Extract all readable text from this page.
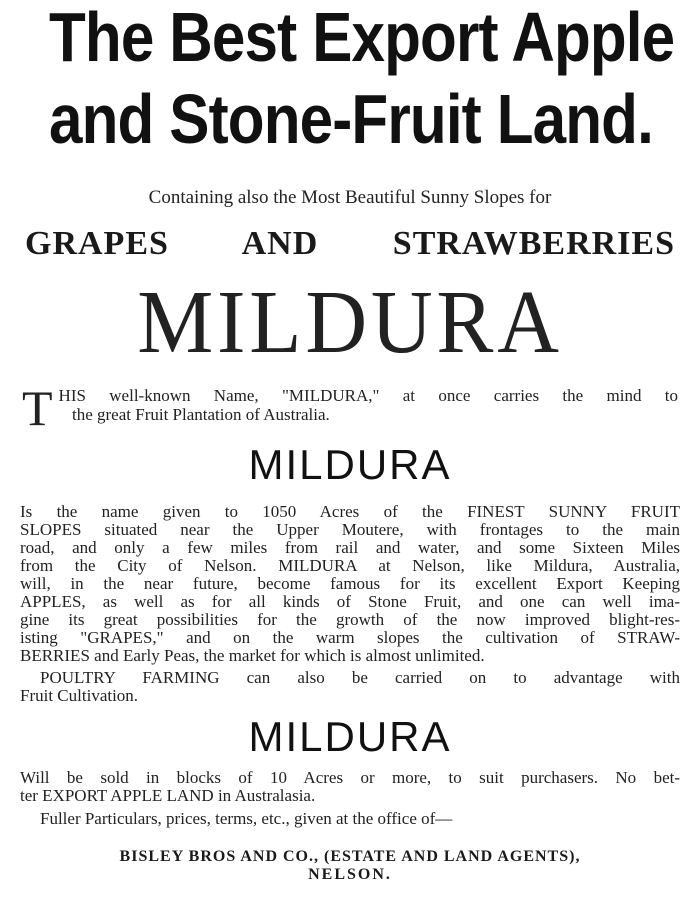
The Best Export Apple
and Stone-Fruit Land.
Containing also the Most Beautiful Sunny Slopes for
GRAPES AND STRAWBERRIES
MILDURA
T HIS well-known Name, "MILDURA," at once carries the mind to
the great Fruit Plantation of Australia.
MILDURA
Is the name given to 1050 Acres of the FINEST SUNNY FRUIT
SLOPES situated near the Upper Moutere, with frontages to the main
road, and only a few miles from rail and water, and some Sixteen Miles
from the City of Nelson. MILDURA at Nelson, like Mildura, Australia,
will, in the near future, become famous for its excellent Export Keeping
APPLES, as well as for all kinds of Stone Fruit, and one can well ima-
gine its great possibilities for the growth of the now improved blight-res-
isting "GRAPES," and on the warm slopes the cultivation of STRAW-
BERRIES and Early Peas, the market for which is almost unlimited.
POULTRY FARMING can also be carried on to advantage with
Fruit Cultivation.
MILDURA
Will be sold in blocks of 10 Acres or more, to suit purchasers. No bet-
ter EXPORT APPLE LAND in Australasia.
Fuller Particulars, prices, terms, etc., given at the office of—
BISLEY BROS AND CO., (ESTATE AND LAND AGENTS),
NELSON.
